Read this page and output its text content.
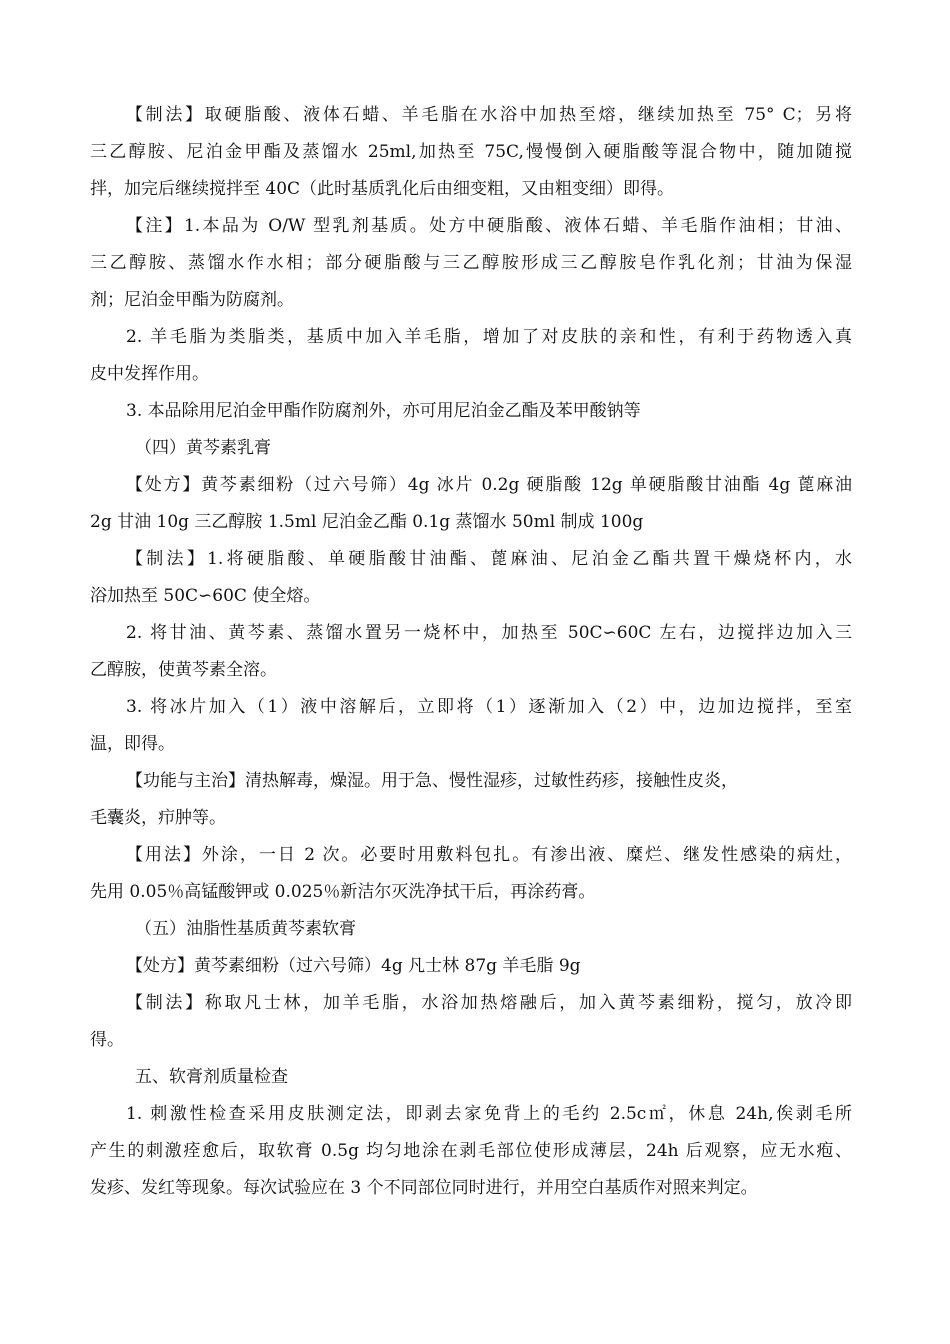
【制法】取硬脂酸、液体石蜡、羊毛脂在水浴中加热至熔，继续加热至 75° C；另将
三乙醇胺、尼泊金甲酯及蒸馏水 25ml,加热至 75C,慢慢倒入硬脂酸等混合物中，随加随搅
拌，加完后继续搅拌至 40C（此时基质乳化后由细变粗，又由粗变细）即得。
【注】1.本品为 O/W 型乳剂基质。处方中硬脂酸、液体石蜡、羊毛脂作油相；甘油、
三乙醇胺、蒸馏水作水相；部分硬脂酸与三乙醇胺形成三乙醇胺皂作乳化剂；甘油为保湿
剂；尼泊金甲酯为防腐剂。
2. 羊毛脂为类脂类，基质中加入羊毛脂，增加了对皮肤的亲和性，有利于药物透入真
皮中发挥作用。
3. 本品除用尼泊金甲酯作防腐剂外，亦可用尼泊金乙酯及苯甲酸钠等
（四）黄芩素乳膏
【处方】黄芩素细粉（过六号筛）4g 冰片 0.2g 硬脂酸 12g 单硬脂酸甘油酯 4g 蓖麻油
2g 甘油 10g 三乙醇胺 1.5ml 尼泊金乙酯 0.1g 蒸馏水 50ml 制成 100g
【制法】1.将硬脂酸、单硬脂酸甘油酯、蓖麻油、尼泊金乙酯共置干燥烧杯内，水
浴加热至 50C∽60C 使全熔。
2. 将甘油、黄芩素、蒸馏水置另一烧杯中，加热至 50C∽60C 左右，边搅拌边加入三
乙醇胺，使黄芩素全溶。
3. 将冰片加入（1）液中溶解后，立即将（1）逐渐加入（2）中，边加边搅拌，至室
温，即得。
【功能与主治】清热解毒，燥湿。用于急、慢性湿疹，过敏性药疹，接触性皮炎，
毛囊炎，疖肿等。
【用法】外涂，一日 2 次。必要时用敷料包扎。有渗出液、糜烂、继发性感染的病灶，
先用 0.05％高锰酸钾或 0.025％新洁尔灭洗净拭干后，再涂药膏。
（五）油脂性基质黄芩素软膏
【处方】黄芩素细粉（过六号筛）4g 凡士林 87g 羊毛脂 9g
【制法】称取凡士林，加羊毛脂，水浴加热熔融后，加入黄芩素细粉，搅匀，放冷即
得。
五、软膏剂质量检查
1. 刺激性检查采用皮肤测定法，即剥去家免背上的毛约 2.5c㎡，休息 24h,俟剥毛所
产生的刺激痊愈后，取软膏 0.5g 均匀地涂在剥毛部位使形成薄层，24h 后观察，应无水疱、
发疹、发红等现象。每次试验应在 3 个不同部位同时进行，并用空白基质作对照来判定。
